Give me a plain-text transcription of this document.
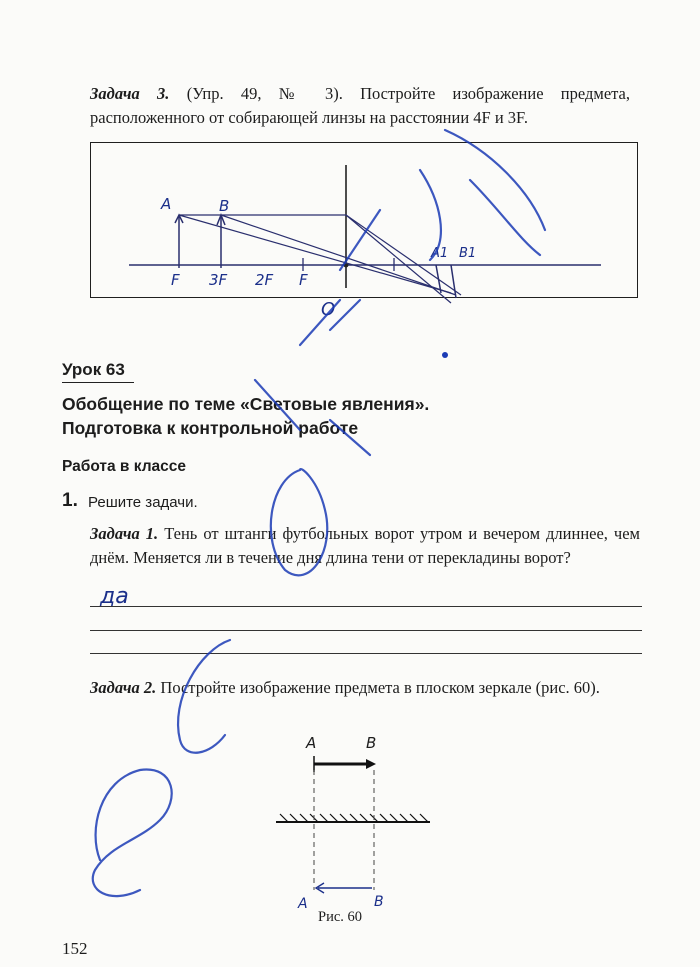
Задача 3. (Упр. 49, № 3). Постройте изображение предмета, расположенного от собирающей линзы на расстоянии 4F и 3F.
A	B
F 3F 2F F
O
A1 B1
Урок 63
Обобщение по теме «Световые явления».
Подготовка к контрольной работе
Работа в классе
1. Решите задачи.
Задача 1. Тень от штанги футбольных ворот утром и вечером длиннее, чем днём. Меняется ли в течение дня длина тени от перекладины ворот?
да
Задача 2. Постройте изображение предмета в плоском зеркале (рис. 60).
A	B
A	B
Рис. 60
152
